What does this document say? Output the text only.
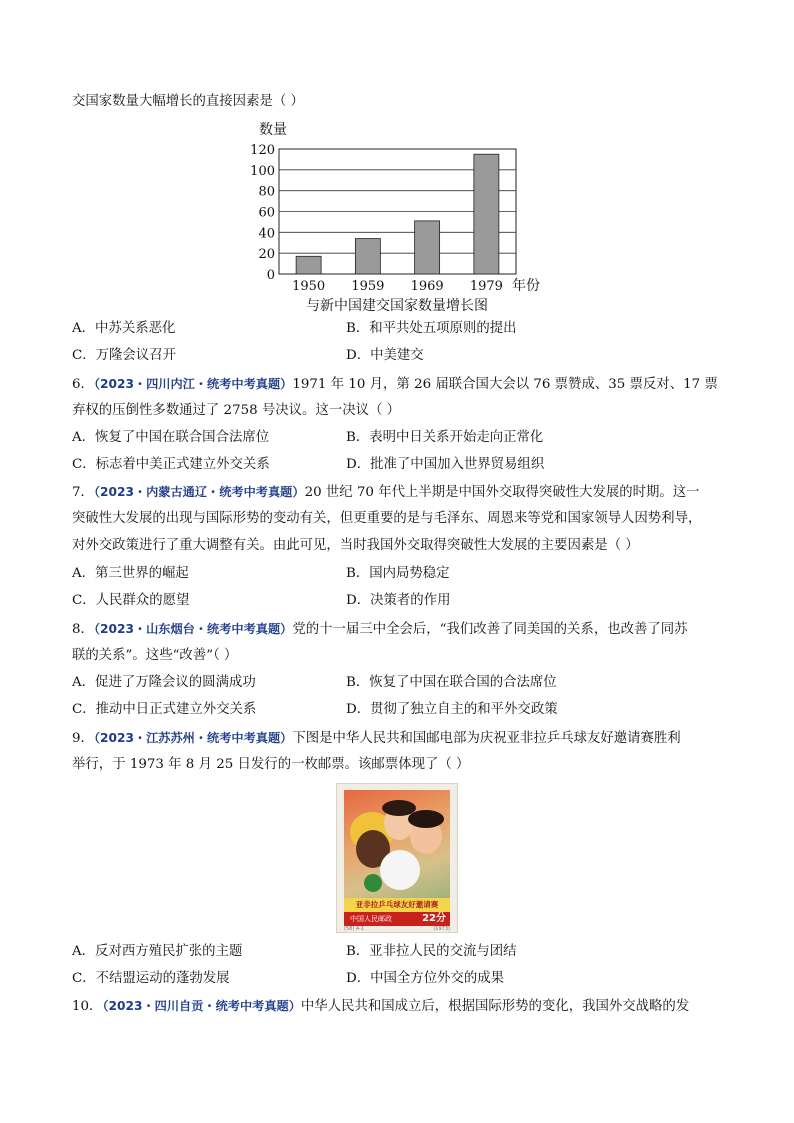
交国家数量大幅增长的直接因素是（ ）
0
20
40
60
80
100
120
1950 1959 1969 1979
数量
年份
与新中国建交国家数量增长图
A．中苏关系恶化	B．和平共处五项原则的提出
C．万隆会议召开	D．中美建交
6．（2023・四川内江・统考中考真题）1971 年 10 月，第 26 届联合国大会以 76 票赞成、35 票反对、17 票
弃权的压倒性多数通过了 2758 号决议。这一决议（ ）
A．恢复了中国在联合国合法席位	B．表明中日关系开始走向正常化
C．标志着中美正式建立外交关系	D．批准了中国加入世界贸易组织
7．（2023・内蒙古通辽・统考中考真题）20 世纪 70 年代上半期是中国外交取得突破性大发展的时期。这一
突破性大发展的出现与国际形势的变动有关，但更重要的是与毛泽东、周恩来等党和国家领导人因势利导，
对外交政策进行了重大调整有关。由此可见，当时我国外交取得突破性大发展的主要因素是（ ）
A．第三世界的崛起	B．国内局势稳定
C．人民群众的愿望	D．决策者的作用
8．（2023・山东烟台・统考中考真题）党的十一届三中全会后，“我们改善了同美国的关系，也改善了同苏
联的关系”。这些“改善”（ ）
A．促进了万隆会议的圆满成功	B．恢复了中国在联合国的合法席位
C．推动中日正式建立外交关系	D．贯彻了独立自主的和平外交政策
9．（2023・江苏苏州・统考中考真题）下图是中华人民共和国邮电部为庆祝亚非拉乒乓球友好邀请赛胜利
举行，于 1973 年 8 月 25 日发行的一枚邮票。该邮票体现了（ ）
亚非拉乒乓球友好邀请赛
中国人民邮政	22分
(58) 4-1	(1973)
A．反对西方殖民扩张的主题	B．亚非拉人民的交流与团结
C．不结盟运动的蓬勃发展	D．中国全方位外交的成果
10．（2023・四川自贡・统考中考真题）中华人民共和国成立后，根据国际形势的变化，我国外交战略的发
